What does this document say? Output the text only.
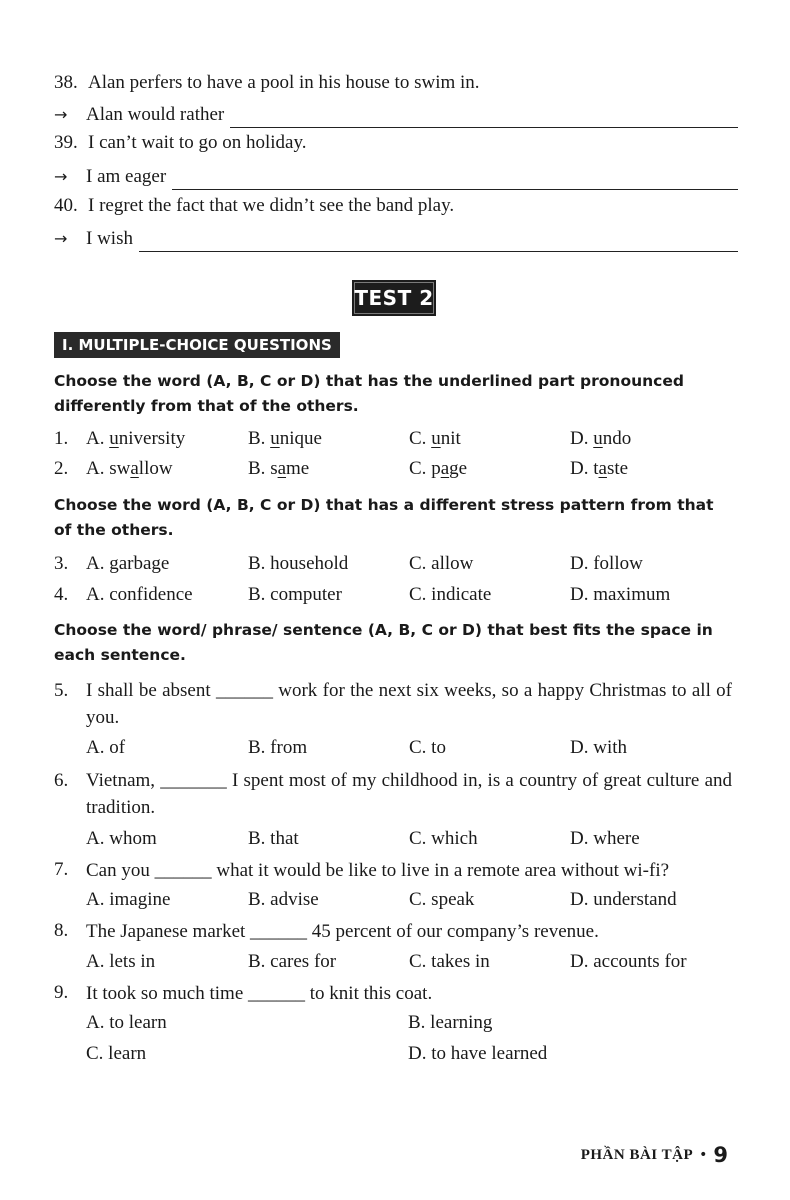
38. Alan perfers to have a pool in his house to swim in.
→ Alan would rather
39. I can’t wait to go on holiday.
→ I am eager
40. I regret the fact that we didn’t see the band play.
→ I wish
TEST 2
I. MULTIPLE-CHOICE QUESTIONS
Choose the word (A, B, C or D) that has the underlined part pronounced differently from that of the others.
1. A. university	B. unique	C. unit	D. undo
2. A. swallow	B. same	C. page	D. taste
Choose the word (A, B, C or D) that has a different stress pattern from that of the others.
3. A. garbage	B. household	C. allow	D. follow
4. A. confidence	B. computer	C. indicate	D. maximum
Choose the word/ phrase/ sentence (A, B, C or D) that best fits the space in each sentence.
5. I shall be absent ______ work for the next six weeks, so a happy Christmas to all of you.
A. of	B. from	C. to	D. with
6. Vietnam, _______ I spent most of my childhood in, is a country of great culture and tradition.
A. whom	B. that	C. which	D. where
7. Can you ______ what it would be like to live in a remote area without wi-fi?
A. imagine	B. advise	C. speak	D. understand
8. The Japanese market ______ 45 percent of our company’s revenue.
A. lets in	B. cares for	C. takes in	D. accounts for
9. It took so much time ______ to knit this coat.
A. to learn	B. learning
C. learn	D. to have learned
PHẦN BÀI TẬP • 9
